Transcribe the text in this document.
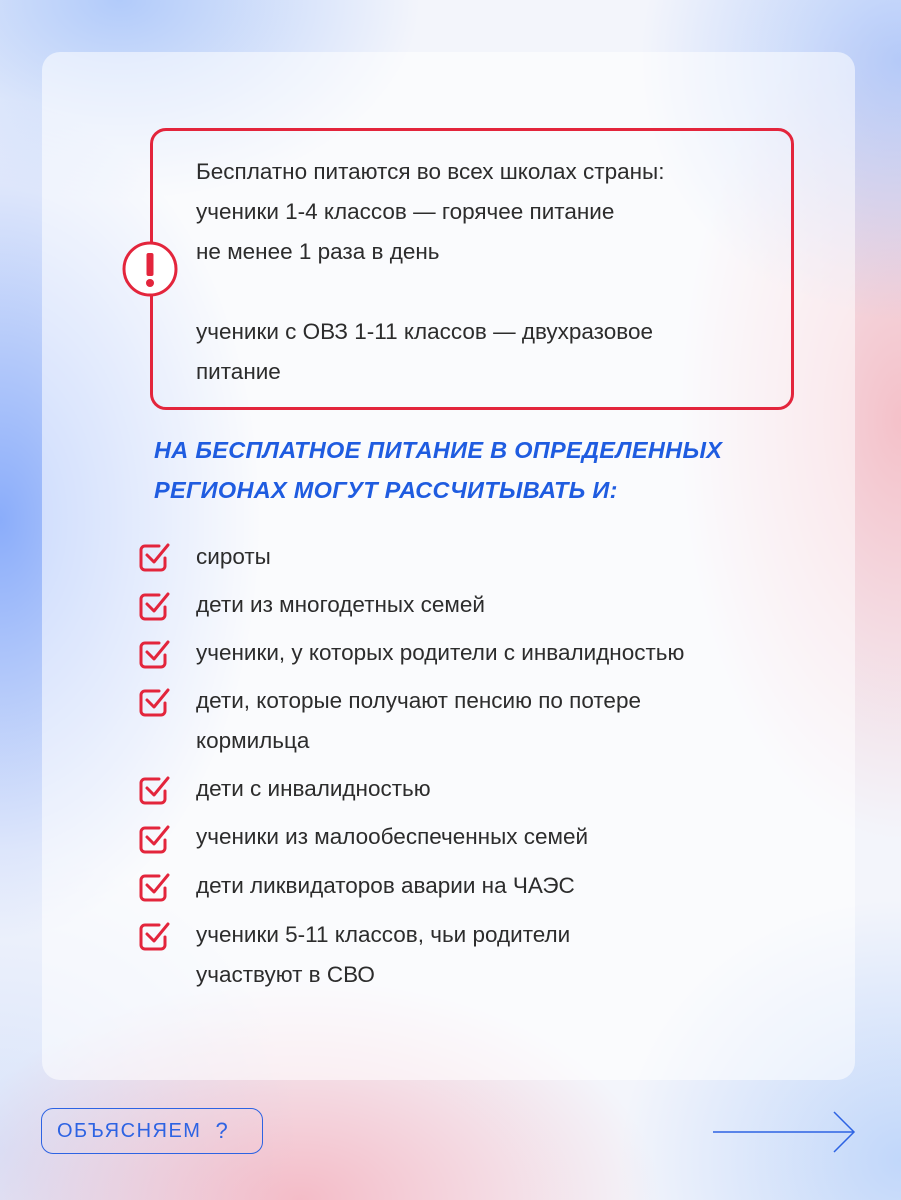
Бесплатно питаются во всех школах страны:

ученики 1-4 классов — горячее питание

не менее 1 раза в день

ученики с ОВЗ 1-11 классов — двухразовое

питание

НА БЕСПЛАТНОЕ ПИТАНИЕ В ОПРЕДЕЛЕННЫХ

РЕГИОНАХ МОГУТ РАССЧИТЫВАТЬ И:

сироты

дети из многодетных семей

ученики, у которых родители с инвалидностью

дети, которые получают пенсию по потере

кормильца

дети с инвалидностью

ученики из малообеспеченных семей

дети ликвидаторов аварии на ЧАЭС

ученики 5-11 классов, чьи родители

участвуют в СВО

ОБЪЯСНЯЕМ ?
